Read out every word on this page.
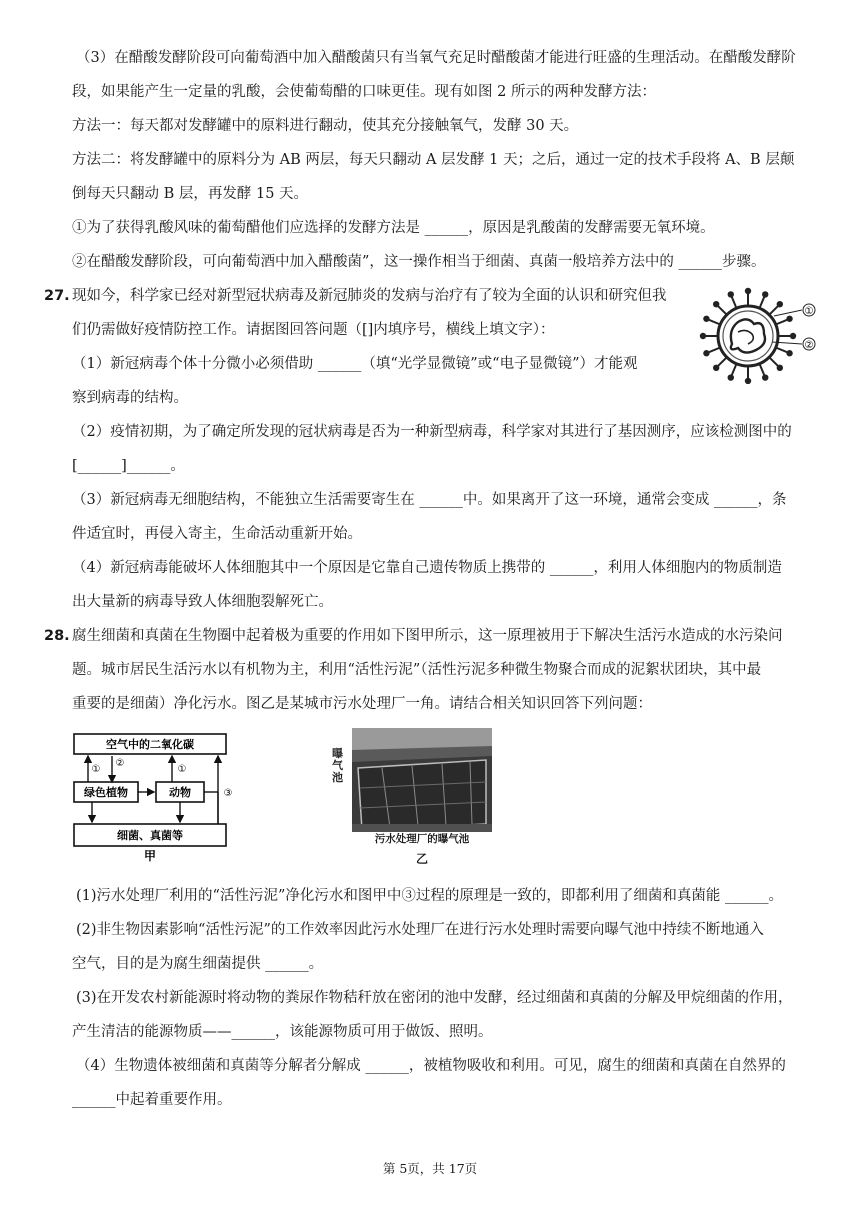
（3）在醋酸发酵阶段可向葡萄酒中加入醋酸菌只有当氧气充足时醋酸菌才能进行旺盛的生理活动。在醋酸发酵阶
段，如果能产生一定量的乳酸，会使葡萄醋的口味更佳。现有如图 2 所示的两种发酵方法：
方法一：每天都对发酵罐中的原料进行翻动，使其充分接触氧气，发酵 30 天。
方法二：将发酵罐中的原料分为 AB 两层，每天只翻动 A 层发酵 1 天；之后，通过一定的技术手段将 A、B 层颠
倒每天只翻动 B 层，再发酵 15 天。
①为了获得乳酸风味的葡萄醋他们应选择的发酵方法是 ______，原因是乳酸菌的发酵需要无氧环境。
②在醋酸发酵阶段，可向葡萄酒中加入醋酸菌”，这一操作相当于细菌、真菌一般培养方法中的 ______步骤。
27. 现如今，科学家已经对新型冠状病毒及新冠肺炎的发病与治疗有了较为全面的认识和研究但我
们仍需做好疫情防控工作。请据图回答问题（[]内填序号，横线上填文字）：
（1）新冠病毒个体十分微小必须借助 ______（填“光学显微镜”或“电子显微镜”）才能观
察到病毒的结构。
（2）疫情初期，为了确定所发现的冠状病毒是否为一种新型病毒，科学家对其进行了基因测序，应该检测图中的
[______]______。
（3）新冠病毒无细胞结构，不能独立生活需要寄生在 ______中。如果离开了这一环境，通常会变成 ______，条
件适宜时，再侵入寄主，生命活动重新开始。
（4）新冠病毒能破坏人体细胞其中一个原因是它靠自己遗传物质上携带的 ______，利用人体细胞内的物质制造
出大量新的病毒导致人体细胞裂解死亡。
①
②
28. 腐生细菌和真菌在生物圈中起着极为重要的作用如下图甲所示，这一原理被用于下解决生活污水造成的水污染问
题。城市居民生活污水以有机物为主，利用“活性污泥”（活性污泥多种微生物聚合而成的泥絮状团块，其中最
重要的是细菌）净化污水。图乙是某城市污水处理厂一角。请结合相关知识回答下列问题：
空气中的二氧化碳
绿色植物	动物
细菌、真菌等
①
②
①
③
甲
曝气池
污水处理厂的曝气池
乙
(1)污水处理厂利用的“活性污泥”净化污水和图甲中③过程的原理是一致的，即都利用了细菌和真菌能 ______。
(2)非生物因素影响“活性污泥”的工作效率因此污水处理厂在进行污水处理时需要向曝气池中持续不断地通入
空气，目的是为腐生细菌提供 ______。
(3)在开发农村新能源时将动物的粪尿作物秸秆放在密闭的池中发酵，经过细菌和真菌的分解及甲烷细菌的作用，
产生清洁的能源物质——______，该能源物质可用于做饭、照明。
（4）生物遗体被细菌和真菌等分解者分解成 ______，被植物吸收和利用。可见，腐生的细菌和真菌在自然界的
______中起着重要作用。
第 5页，共 17页
